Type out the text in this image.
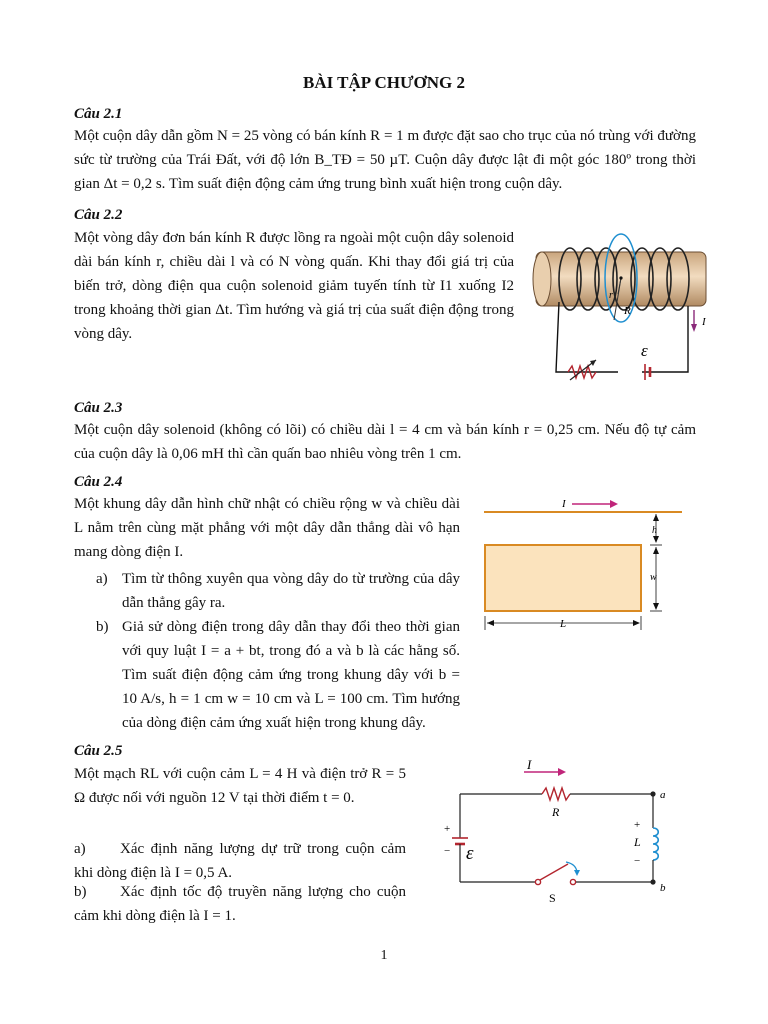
BÀI TẬP CHƯƠNG 2
Câu 2.1
Một cuộn dây dẫn gồm N = 25 vòng có bán kính R = 1 m được đặt sao cho trục của nó trùng với đường sức từ trường của Trái Đất, với độ lớn B_TĐ = 50 µT. Cuộn dây được lật đi một góc 180º trong thời gian Δt = 0,2 s. Tìm suất điện động cảm ứng trung bình xuất hiện trong cuộn dây.
Câu 2.2
Một vòng dây đơn bán kính R được lồng ra ngoài một cuộn dây solenoid dài bán kính r, chiều dài l và có N vòng quấn. Khi thay đổi giá trị của biến trở, dòng điện qua cuộn solenoid giảm tuyến tính từ I1 xuống I2 trong khoảng thời gian Δt. Tìm hướng và giá trị của suất điện động trong vòng dây.
R
r
ε
I
Câu 2.3
Một cuộn dây solenoid (không có lõi) có chiều dài l = 4 cm và bán kính r = 0,25 cm. Nếu độ tự cảm của cuộn dây là 0,06 mH thì cần quấn bao nhiêu vòng trên 1 cm.
Câu 2.4
Một khung dây dẫn hình chữ nhật có chiều rộng w và chiều dài L nằm trên cùng mặt phẳng với một dây dẫn thẳng dài vô hạn mang dòng điện I.
a) Tìm từ thông xuyên qua vòng dây do từ trường của dây dẫn thẳng gây ra.
b) Giả sử dòng điện trong dây dẫn thay đổi theo thời gian với quy luật I = a + bt, trong đó a và b là các hằng số. Tìm suất điện động cảm ứng trong khung dây với b = 10 A/s, h = 1 cm w = 10 cm và L = 100 cm. Tìm hướng của dòng điện cảm ứng xuất hiện trong khung dây.
I
h
w
L
Câu 2.5
Một mạch RL với cuộn cảm L = 4 H và điện trở R = 5 Ω được nối với nguồn 12 V tại thời điểm t = 0.
a) Xác định năng lượng dự trữ trong cuộn cảm khi dòng điện là I = 0,5 A.
b) Xác định tốc độ truyền năng lượng cho cuộn cảm khi dòng điện là I = 1.
I
R
a
+
− ε
S
b
+
L
−
1
